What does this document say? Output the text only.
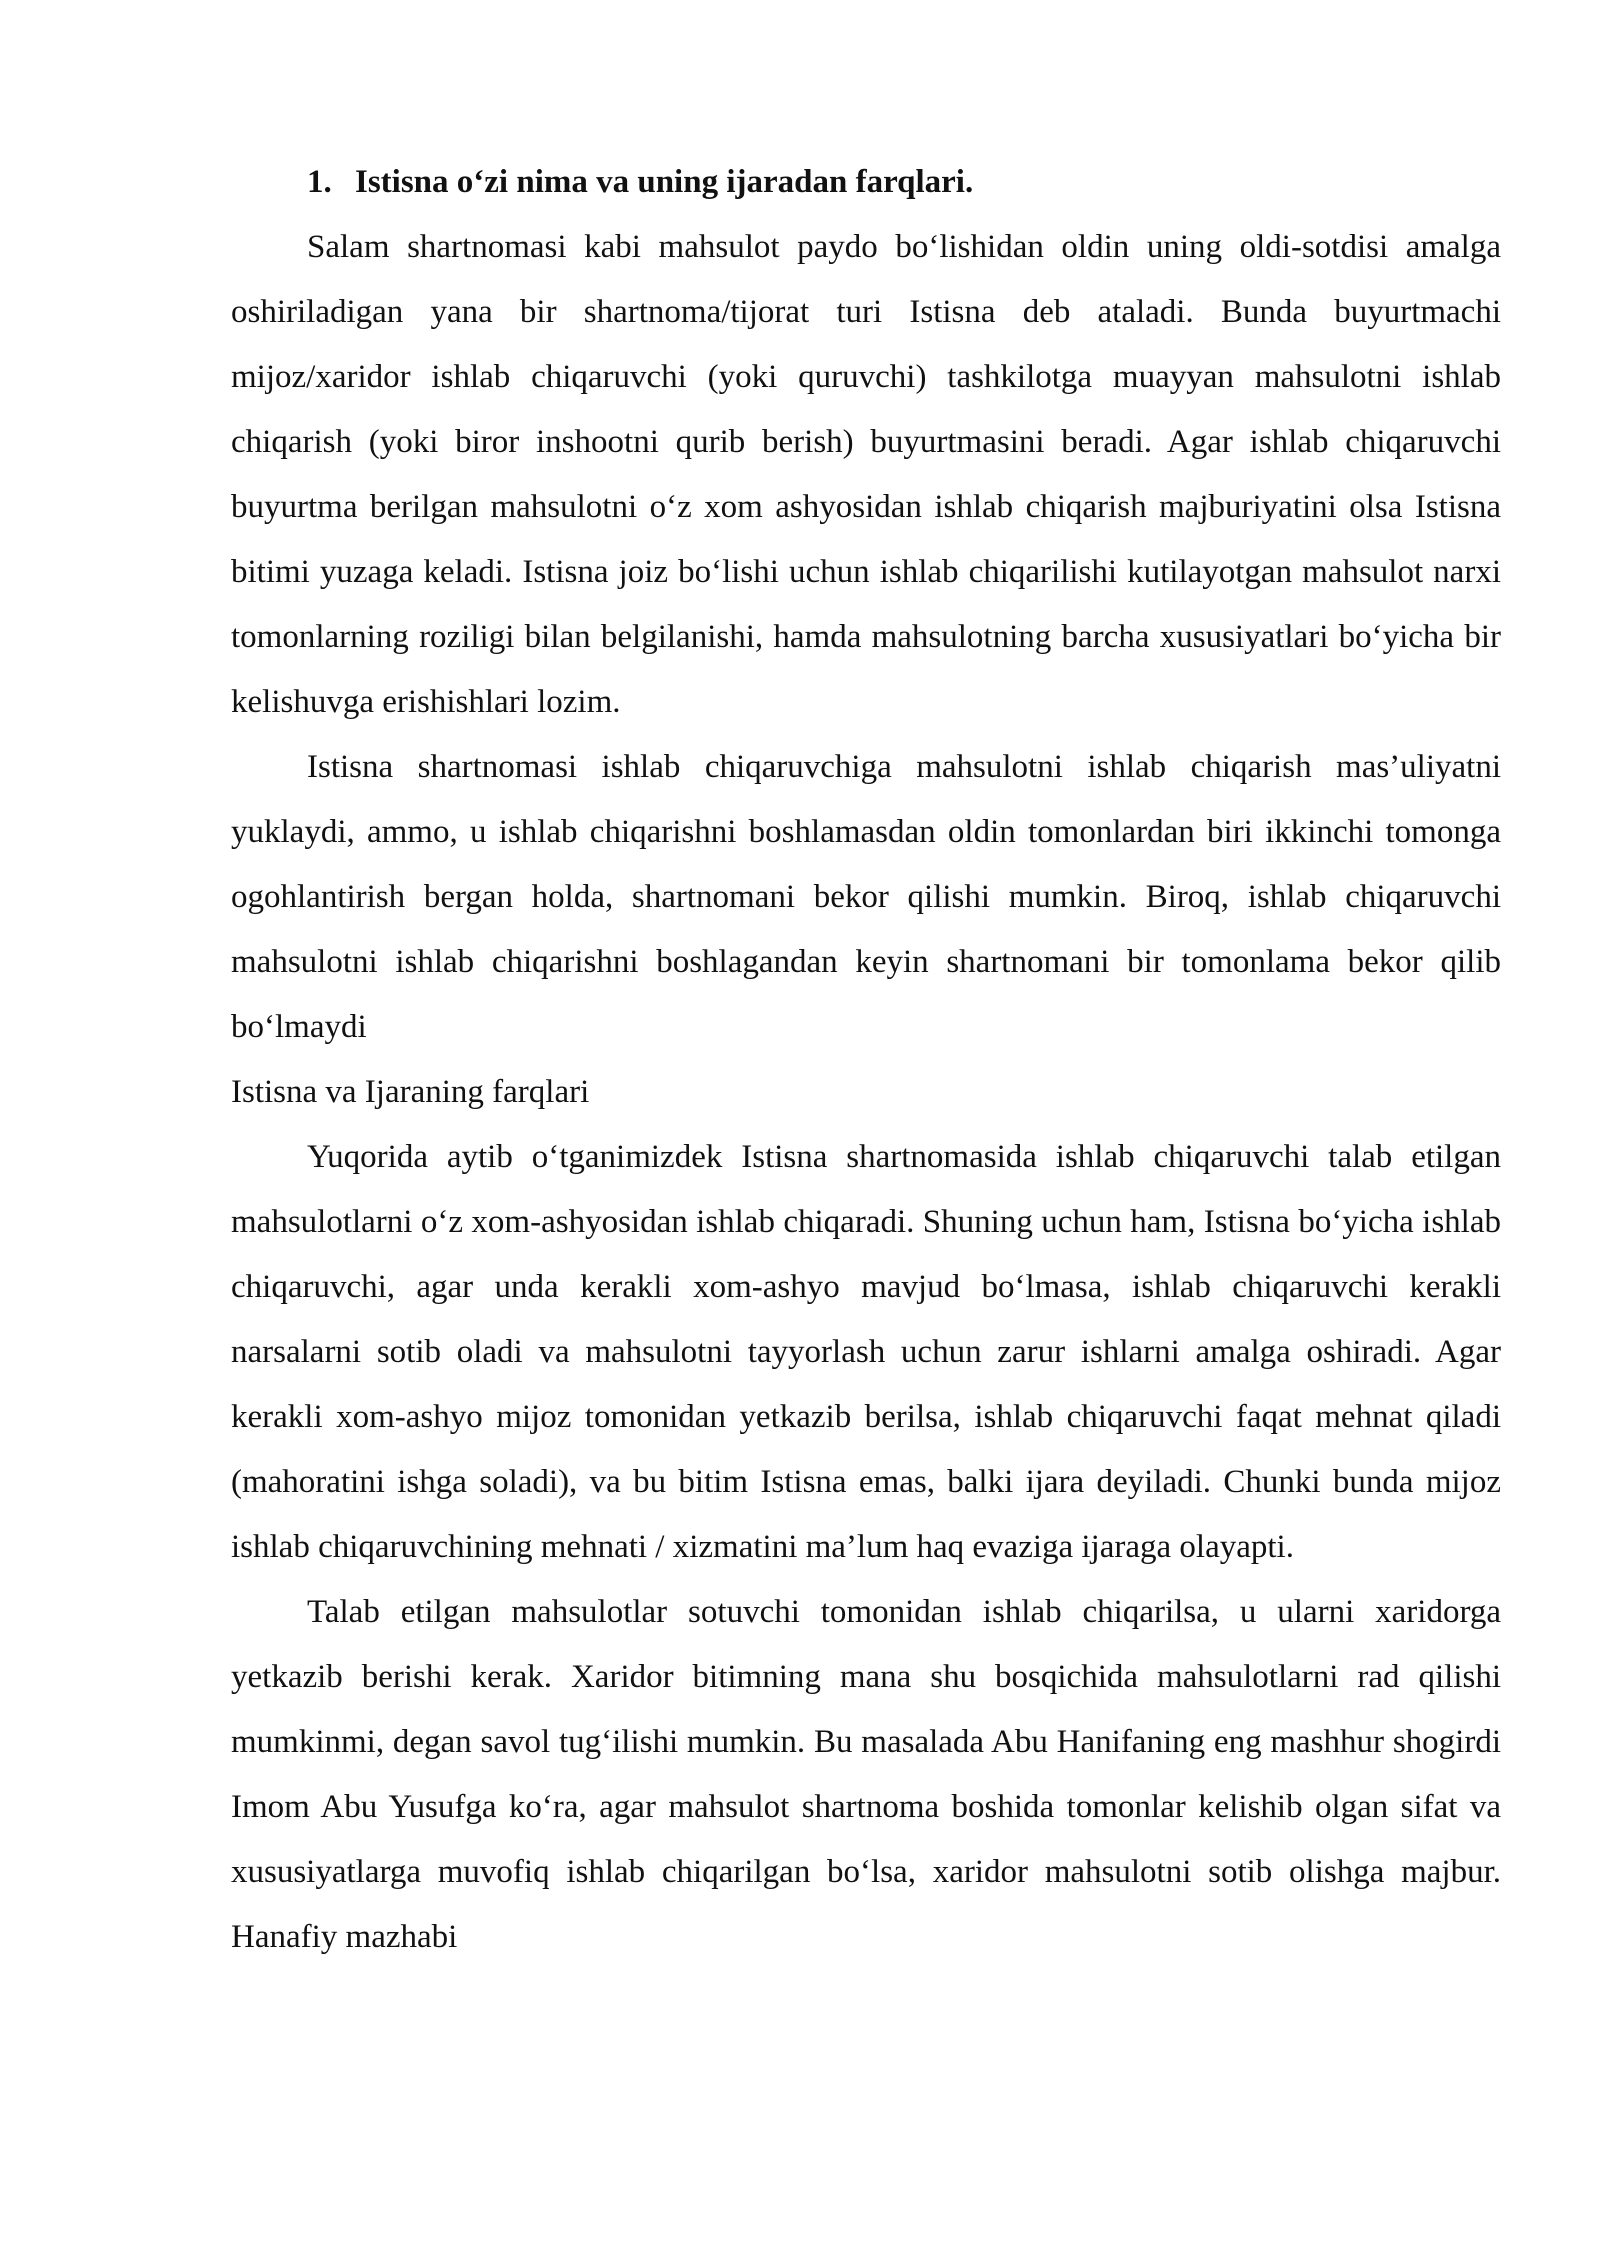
1. Istisna o‘zi nima va uning ijaradan farqlari.

Salam shartnomasi kabi mahsulot paydo bo‘lishidan oldin uning oldi-sotdisi amalga oshiriladigan yana bir shartnoma/tijorat turi Istisna deb ataladi. Bunda buyurtmachi mijoz/xaridor ishlab chiqaruvchi (yoki quruvchi) tashkilotga muayyan mahsulotni ishlab chiqarish (yoki biror inshootni qurib berish) buyurtmasini beradi. Agar ishlab chiqaruvchi buyurtma berilgan mahsulotni o‘z xom ashyosidan ishlab chiqarish majburiyatini olsa Istisna bitimi yuzaga keladi. Istisna joiz bo‘lishi uchun ishlab chiqarilishi kutilayotgan mahsulot narxi tomonlarning roziligi bilan belgilanishi, hamda mahsulotning barcha xususiyatlari bo‘yicha bir kelishuvga erishishlari lozim.

Istisna shartnomasi ishlab chiqaruvchiga mahsulotni ishlab chiqarish mas’uliyatni yuklaydi, ammo, u ishlab chiqarishni boshlamasdan oldin tomonlardan biri ikkinchi tomonga ogohlantirish bergan holda, shartnomani bekor qilishi mumkin. Biroq, ishlab chiqaruvchi mahsulotni ishlab chiqarishni boshlagandan keyin shartnomani bir tomonlama bekor qilib bo‘lmaydi

Istisna va Ijaraning farqlari

Yuqorida aytib o‘tganimizdek Istisna shartnomasida ishlab chiqaruvchi talab etilgan mahsulotlarni o‘z xom-ashyosidan ishlab chiqaradi. Shuning uchun ham, Istisna bo‘yicha ishlab chiqaruvchi, agar unda kerakli xom-ashyo mavjud bo‘lmasa, ishlab chiqaruvchi kerakli narsalarni sotib oladi va mahsulotni tayyorlash uchun zarur ishlarni amalga oshiradi. Agar kerakli xom-ashyo mijoz tomonidan yetkazib berilsa, ishlab chiqaruvchi faqat mehnat qiladi (mahoratini ishga soladi), va bu bitim Istisna emas, balki ijara deyiladi. Chunki bunda mijoz ishlab chiqaruvchining mehnati / xizmatini ma’lum haq evaziga ijaraga olayapti.

Talab etilgan mahsulotlar sotuvchi tomonidan ishlab chiqarilsa, u ularni xaridorga yetkazib berishi kerak. Xaridor bitimning mana shu bosqichida mahsulotlarni rad qilishi mumkinmi, degan savol tug‘ilishi mumkin. Bu masalada Abu Hanifaning eng mashhur shogirdi Imom Abu Yusufga ko‘ra, agar mahsulot shartnoma boshida tomonlar kelishib olgan sifat va xususiyatlarga muvofiq ishlab chiqarilgan bo‘lsa, xaridor mahsulotni sotib olishga majbur. Hanafiy mazhabi
